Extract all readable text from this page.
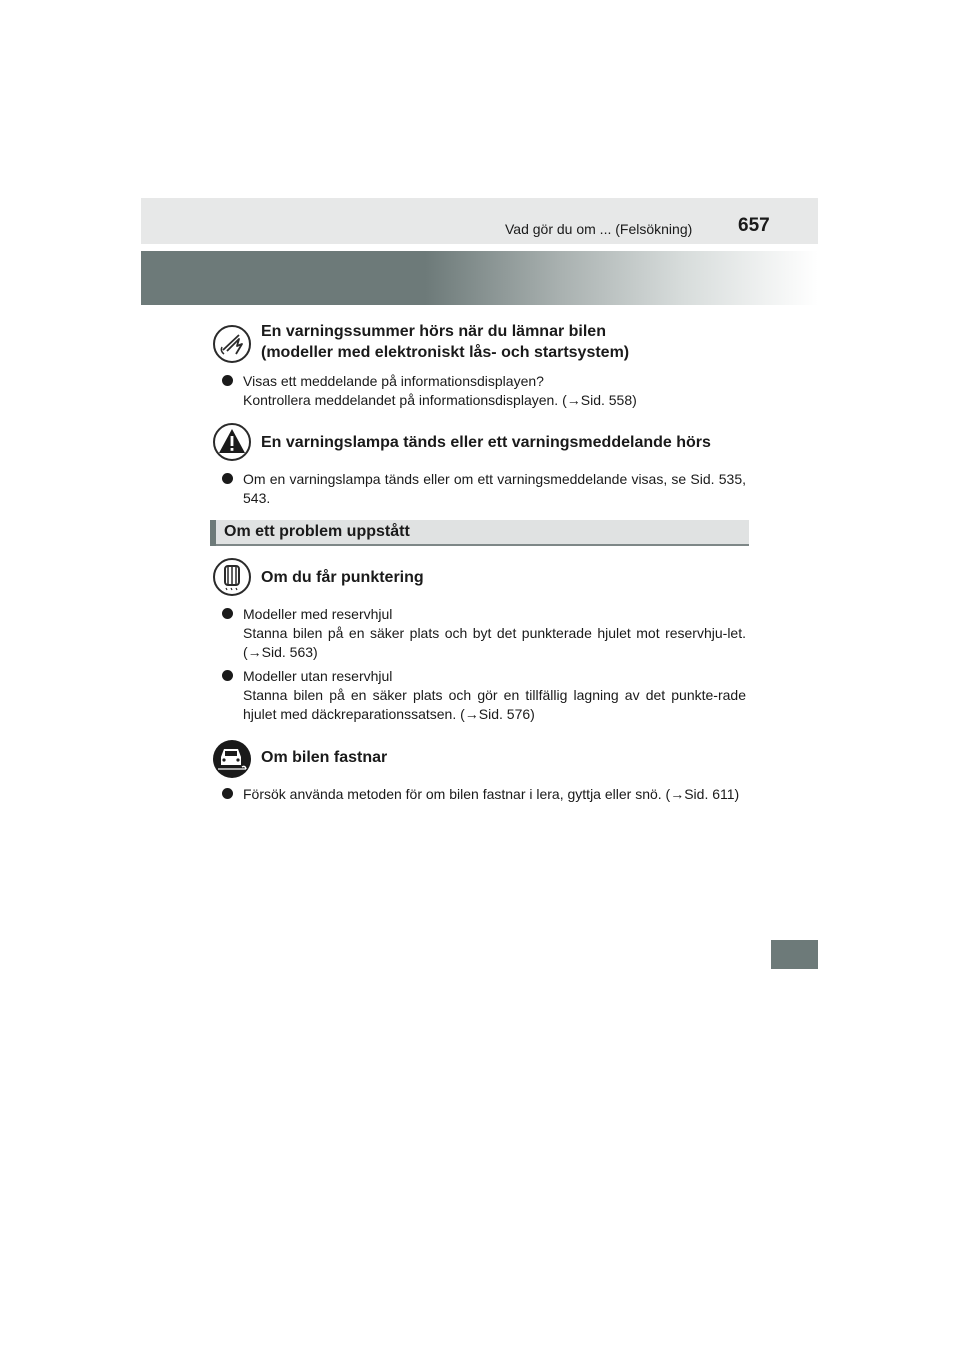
Vad gör du om ... (Felsökning) 657
En varningssummer hörs när du lämnar bilen
(modeller med elektroniskt lås- och startsystem)
Visas ett meddelande på informationsdisplayen?
Kontrollera meddelandet på informationsdisplayen. (→Sid. 558)
En varningslampa tänds eller ett varningsmeddelande hörs
Om en varningslampa tänds eller om ett varningsmeddelande visas, se Sid. 535, 543.
Om ett problem uppstått
Om du får punktering
Modeller med reservhjul
Stanna bilen på en säker plats och byt det punkterade hjulet mot reservhju-let. (→Sid. 563)
Modeller utan reservhjul
Stanna bilen på en säker plats och gör en tillfällig lagning av det punkte-rade hjulet med däckreparationssatsen. (→Sid. 576)
Om bilen fastnar
Försök använda metoden för om bilen fastnar i lera, gyttja eller snö. (→Sid. 611)
